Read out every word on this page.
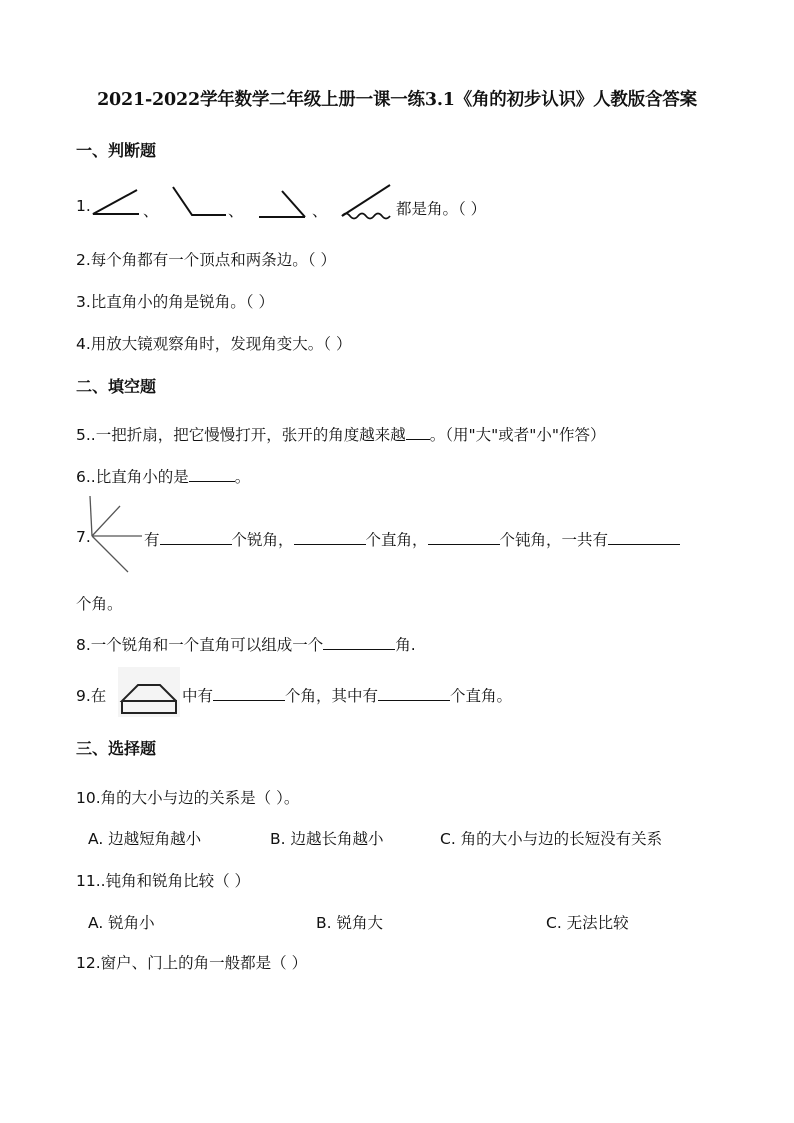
2021-2022学年数学二年级上册一课一练3.1《角的初步认识》人教版含答案
一、判断题
1.	、	、	、	都是角。（ ）
2.每个角都有一个顶点和两条边。（ ）
3.比直角小的角是锐角。（ ）
4.用放大镜观察角时，发现角变大。（ ）
二、填空题
5..一把折扇，把它慢慢打开，张开的角度越来越 。（用"大"或者"小"作答）
6..比直角小的是	。
7.	有	个锐角，	个直角，	个钝角，一共有
个角。
8.一个锐角和一个直角可以组成一个	角.
9.在	中有	个角，其中有	个直角。
三、选择题
10.角的大小与边的关系是（ ）。
A. 边越短角越小	B. 边越长角越小	C. 角的大小与边的长短没有关系
11..钝角和锐角比较（ ）
A. 锐角小	B. 锐角大	C. 无法比较
12.窗户、门上的角一般都是（ ）
